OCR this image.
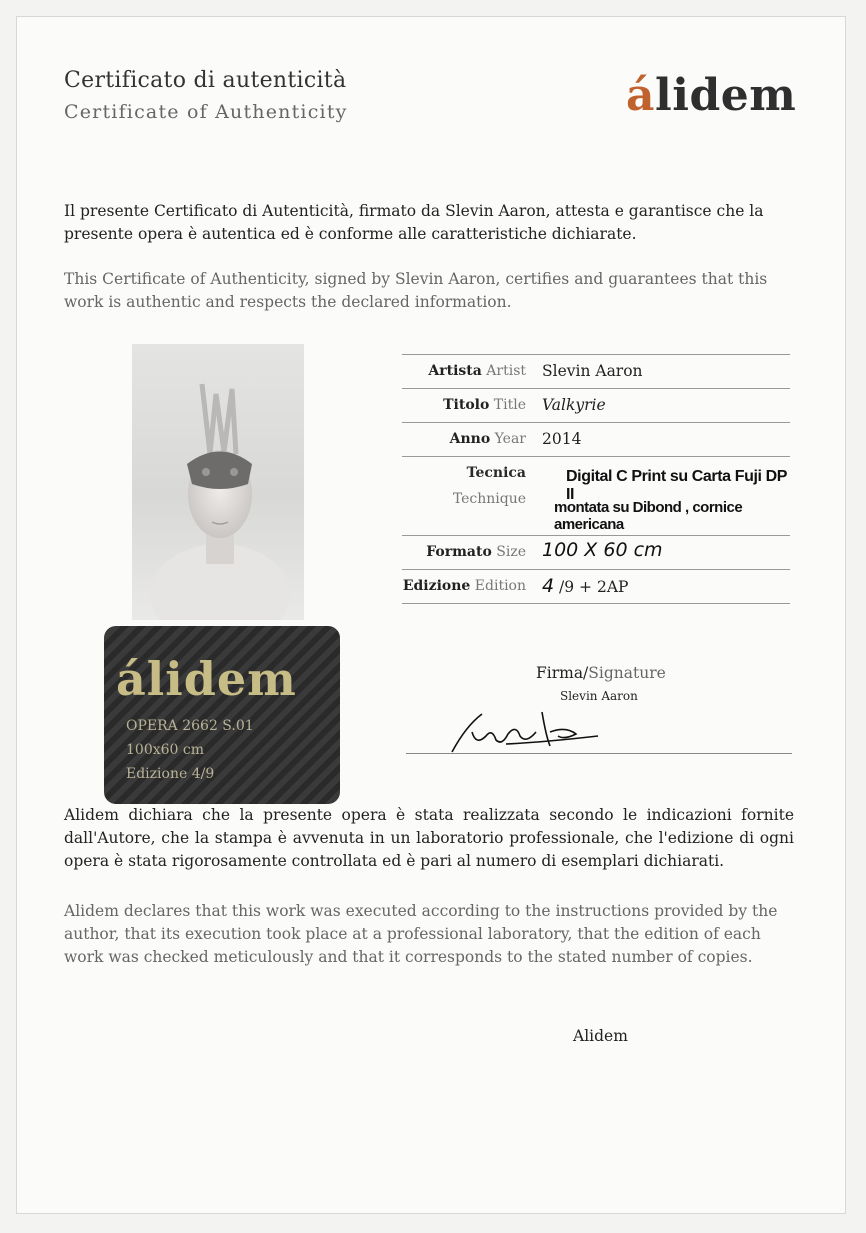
Certificato di autenticità
Certificate of Authenticity	álidem
Il presente Certificato di Autenticità, firmato da Slevin Aaron, attesta e garantisce che la presente opera è autentica ed è conforme alle caratteristiche dichiarate.
This Certificate of Authenticity, signed by Slevin Aaron, certifies and guarantees that this work is authentic and respects the declared information.
álidem
OPERA 2662 S.01
100x60 cm
Edizione 4/9
Artista Artist Slevin Aaron
Titolo Title Valkyrie
Anno Year 2014
Tecnica
Technique
Digital C Print su Carta Fuji DP II
montata su Dibond , cornice americana
Formato Size 100 X 60 cm
Edizione Edition 4 /9 + 2AP
Firma/Signature
Slevin Aaron
Alidem dichiara che la presente opera è stata realizzata secondo le indicazioni fornite dall'Autore, che la stampa è avvenuta in un laboratorio professionale, che l'edizione di ogni opera è stata rigorosamente controllata ed è pari al numero di esemplari dichiarati.
Alidem declares that this work was executed according to the instructions provided by the author, that its execution took place at a professional laboratory, that the edition of each work was checked meticulously and that it corresponds to the stated number of copies.
Alidem
